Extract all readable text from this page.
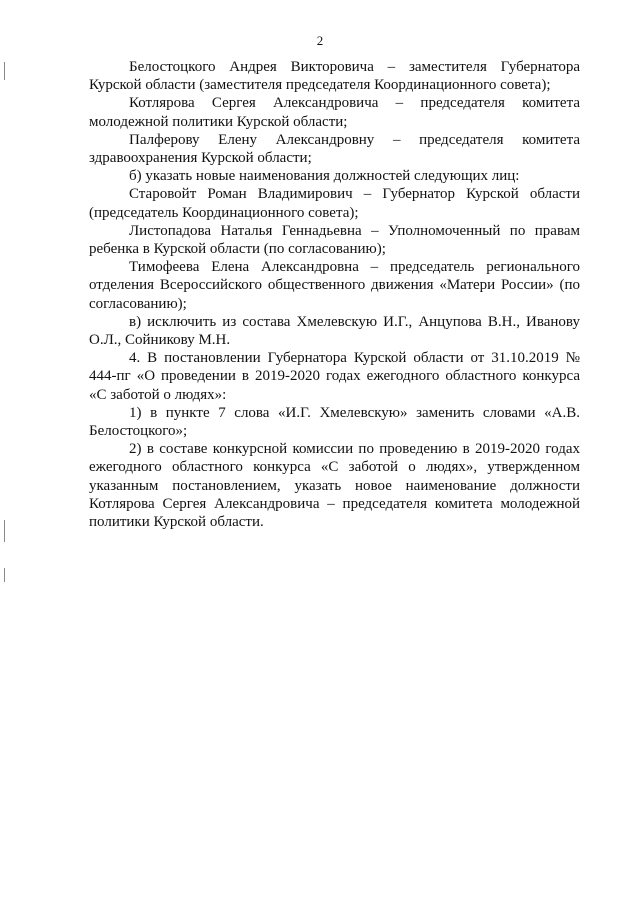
2

Белостоцкого Андрея Викторовича – заместителя Губернатора Курской области (заместителя председателя Координационного совета);

Котлярова Сергея Александровича – председателя комитета молодежной политики Курской области;

Палферову Елену Александровну – председателя комитета здравоохранения Курской области;

б) указать новые наименования должностей следующих лиц:

Старовойт Роман Владимирович – Губернатор Курской области (председатель Координационного совета);

Листопадова Наталья Геннадьевна – Уполномоченный по правам ребенка в Курской области (по согласованию);

Тимофеева Елена Александровна – председатель регионального отделения Всероссийского общественного движения «Матери России» (по согласованию);

в) исключить из состава Хмелевскую И.Г., Анцупова В.Н., Иванову О.Л., Сойникову М.Н.

4. В постановлении Губернатора Курской области от 31.10.2019 № 444-пг «О проведении в 2019-2020 годах ежегодного областного конкурса «С заботой о людях»:

1) в пункте 7 слова «И.Г. Хмелевскую» заменить словами «А.В. Белостоцкого»;

2) в составе конкурсной комиссии по проведению в 2019-2020 годах ежегодного областного конкурса «С заботой о людях», утвержденном указанным постановлением, указать новое наименование должности Котлярова Сергея Александровича – председателя комитета молодежной политики Курской области.
